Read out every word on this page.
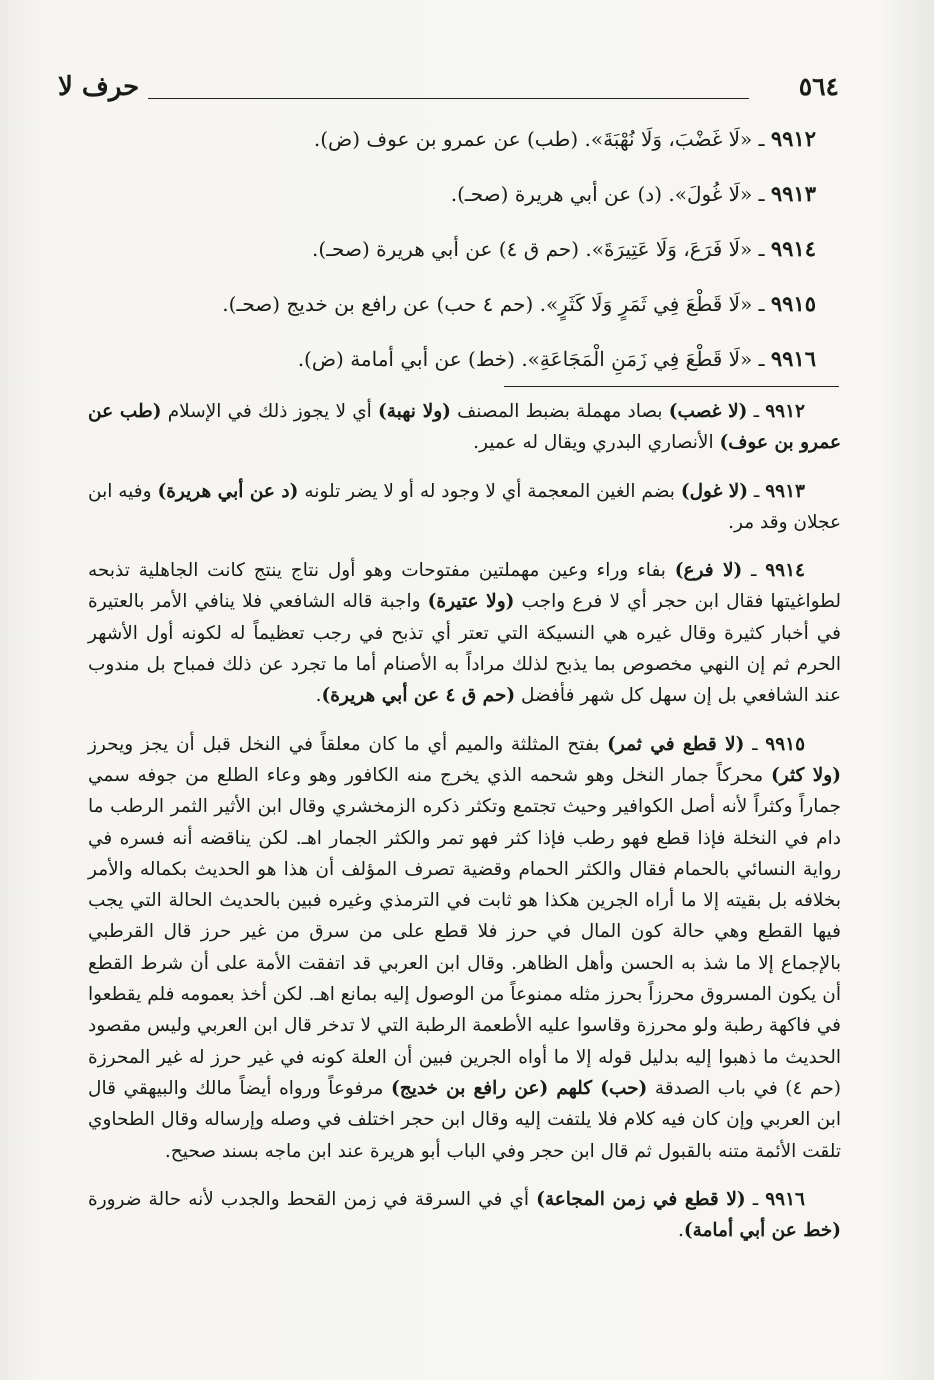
حرف لا	٥٦٤
٩٩١٢ ـ «لَا غَضْبَ، وَلَا نُهْبَةَ». (طب) عن عمرو بن عوف (ض).
٩٩١٣ ـ «لَا غُولَ». (د) عن أبي هريرة (صحـ).
٩٩١٤ ـ «لَا فَرَعَ، وَلَا عَتِيرَةَ». (حم ق ٤) عن أبي هريرة (صحـ).
٩٩١٥ ـ «لَا قَطْعَ فِي ثَمَرٍ وَلَا كَثَرٍ». (حم ٤ حب) عن رافع بن خديج (صحـ).
٩٩١٦ ـ «لَا قَطْعَ فِي زَمَنِ الْمَجَاعَةِ». (خط) عن أبي أمامة (ض).

٩٩١٢ ـ (لا غصب) بصاد مهملة بضبط المصنف (ولا نهبة) أي لا يجوز ذلك في الإسلام (طب عن عمرو بن عوف) الأنصاري البدري ويقال له عمير.

٩٩١٣ ـ (لا غول) بضم الغين المعجمة أي لا وجود له أو لا يضر تلونه (د عن أبي هريرة) وفيه ابن عجلان وقد مر.

٩٩١٤ ـ (لا فرع) بفاء وراء وعين مهملتين مفتوحات وهو أول نتاج ينتج كانت الجاهلية تذبحه لطواغيتها فقال ابن حجر أي لا فرع واجب (ولا عتيرة) واجبة قاله الشافعي فلا ينافي الأمر بالعتيرة في أخبار كثيرة وقال غيره هي النسيكة التي تعتر أي تذبح في رجب تعظيماً له لكونه أول الأشهر الحرم ثم إن النهي مخصوص بما يذبح لذلك مراداً به الأصنام أما ما تجرد عن ذلك فمباح بل مندوب عند الشافعي بل إن سهل كل شهر فأفضل (حم ق ٤ عن أبي هريرة).

٩٩١٥ ـ (لا قطع في ثمر) بفتح المثلثة والميم أي ما كان معلقاً في النخل قبل أن يجز ويحرز (ولا كثر) محركاً جمار النخل وهو شحمه الذي يخرج منه الكافور وهو وعاء الطلع من جوفه سمي جماراً وكثراً لأنه أصل الكوافير وحيث تجتمع وتكثر ذكره الزمخشري وقال ابن الأثير الثمر الرطب ما دام في النخلة فإذا قطع فهو رطب فإذا كثر فهو تمر والكثر الجمار اهـ. لكن يناقضه أنه فسره في رواية النسائي بالحمام فقال والكثر الحمام وقضية تصرف المؤلف أن هذا هو الحديث بكماله والأمر بخلافه بل بقيته إلا ما أراه الجرين هكذا هو ثابت في الترمذي وغيره فبين بالحديث الحالة التي يجب فيها القطع وهي حالة كون المال في حرز فلا قطع على من سرق من غير حرز قال القرطبي بالإجماع إلا ما شذ به الحسن وأهل الظاهر. وقال ابن العربي قد اتفقت الأمة على أن شرط القطع أن يكون المسروق محرزاً بحرز مثله ممنوعاً من الوصول إليه بمانع اهـ. لكن أخذ بعمومه فلم يقطعوا في فاكهة رطبة ولو محرزة وقاسوا عليه الأطعمة الرطبة التي لا تدخر قال ابن العربي وليس مقصود الحديث ما ذهبوا إليه بدليل قوله إلا ما أواه الجرين فبين أن العلة كونه في غير حرز له غير المحرزة (حم ٤) في باب الصدقة (حب) كلهم (عن رافع بن خديج) مرفوعاً ورواه أيضاً مالك والبيهقي قال ابن العربي وإن كان فيه كلام فلا يلتفت إليه وقال ابن حجر اختلف في وصله وإرساله وقال الطحاوي تلقت الأئمة متنه بالقبول ثم قال ابن حجر وفي الباب أبو هريرة عند ابن ماجه بسند صحيح.

٩٩١٦ ـ (لا قطع في زمن المجاعة) أي في السرقة في زمن القحط والجدب لأنه حالة ضرورة (خط عن أبي أمامة).
